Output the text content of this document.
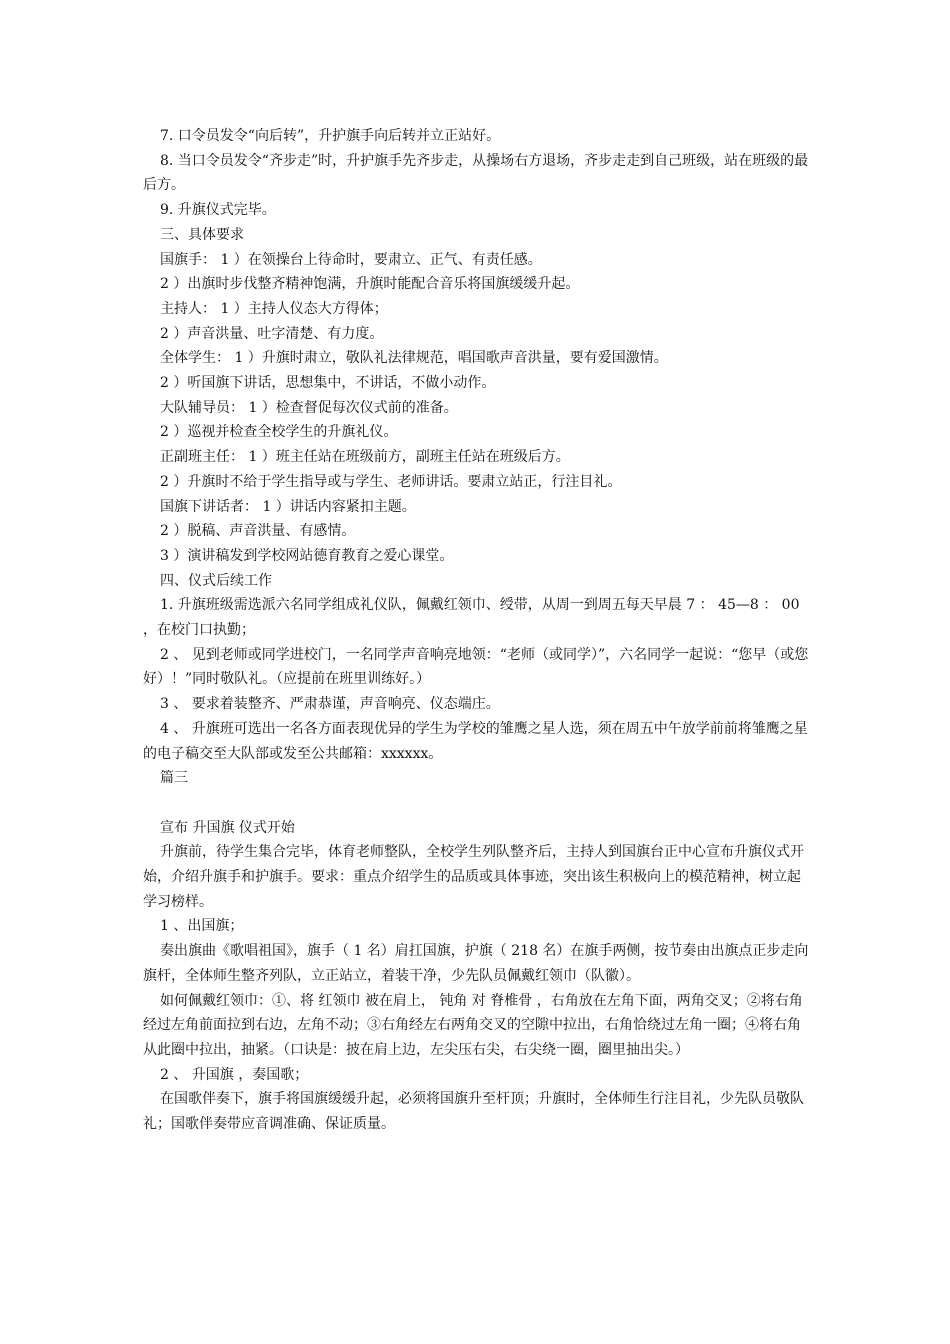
7. 口令员发令“向后转”，升护旗手向后转并立正站好。

8. 当口令员发令“齐步走”时，升护旗手先齐步走，从操场右方退场，齐步走走到自己班级，站在班级的最后方。

9. 升旗仪式完毕。

三、具体要求

国旗手： 1 ）在领操台上待命时，要肃立、正气、有责任感。

2 ）出旗时步伐整齐精神饱满，升旗时能配合音乐将国旗缓缓升起。

主持人： 1 ）主持人仪态大方得体；

2 ）声音洪量、吐字清楚、有力度。

全体学生： 1 ）升旗时肃立，敬队礼法律规范，唱国歌声音洪量，要有爱国激情。

2 ）听国旗下讲话，思想集中，不讲话，不做小动作。

大队辅导员： 1 ）检查督促每次仪式前的准备。

2 ）巡视并检查全校学生的升旗礼仪。

正副班主任： 1 ）班主任站在班级前方，副班主任站在班级后方。

2 ）升旗时不给于学生指导或与学生、老师讲话。要肃立站正，行注目礼。

国旗下讲话者： 1 ）讲话内容紧扣主题。

2 ）脱稿、声音洪量、有感情。

3 ）演讲稿发到学校网站德育教育之爱心课堂。

四、仪式后续工作

1. 升旗班级需选派六名同学组成礼仪队，佩戴红领巾、绶带，从周一到周五每天早晨 7 ： 45—8 ： 00 ，在校门口执勤；

2 、 见到老师或同学进校门，一名同学声音响亮地领：“老师（或同学）”，六名同学一起说：“您早（或您好）！”同时敬队礼。（应提前在班里训练好。）

3 、 要求着装整齐、严肃恭谨，声音响亮、仪态端庄。

4 、 升旗班可选出一名各方面表现优异的学生为学校的雏鹰之星人选，须在周五中午放学前前将雏鹰之星的电子稿交至大队部或发至公共邮箱：xxxxxx。

篇三

宣布 升国旗 仪式开始

升旗前，待学生集合完毕，体育老师整队，全校学生列队整齐后，主持人到国旗台正中心宣布升旗仪式开始，介绍升旗手和护旗手。要求：重点介绍学生的品质或具体事迹，突出该生积极向上的模范精神，树立起学习榜样。

1 、出国旗；

奏出旗曲《歌唱祖国》，旗手（ 1 名）肩扛国旗，护旗（ 218 名）在旗手两侧，按节奏由出旗点正步走向旗杆，全体师生整齐列队，立正站立，着装干净，少先队员佩戴红领巾（队徽）。

如何佩戴红领巾：①、将 红领巾 被在肩上， 钝角 对 脊椎骨 ，右角放在左角下面，两角交叉；②将右角经过左角前面拉到右边，左角不动；③右角经左右两角交叉的空隙中拉出，右角恰绕过左角一圈；④将右角从此圈中拉出，抽紧。（口诀是：披在肩上边，左尖压右尖，右尖绕一圈，圈里抽出尖。）

2 、 升国旗 ，奏国歌；

在国歌伴奏下，旗手将国旗缓缓升起，必须将国旗升至杆顶；升旗时，全体师生行注目礼，少先队员敬队礼；国歌伴奏带应音调准确、保证质量。
